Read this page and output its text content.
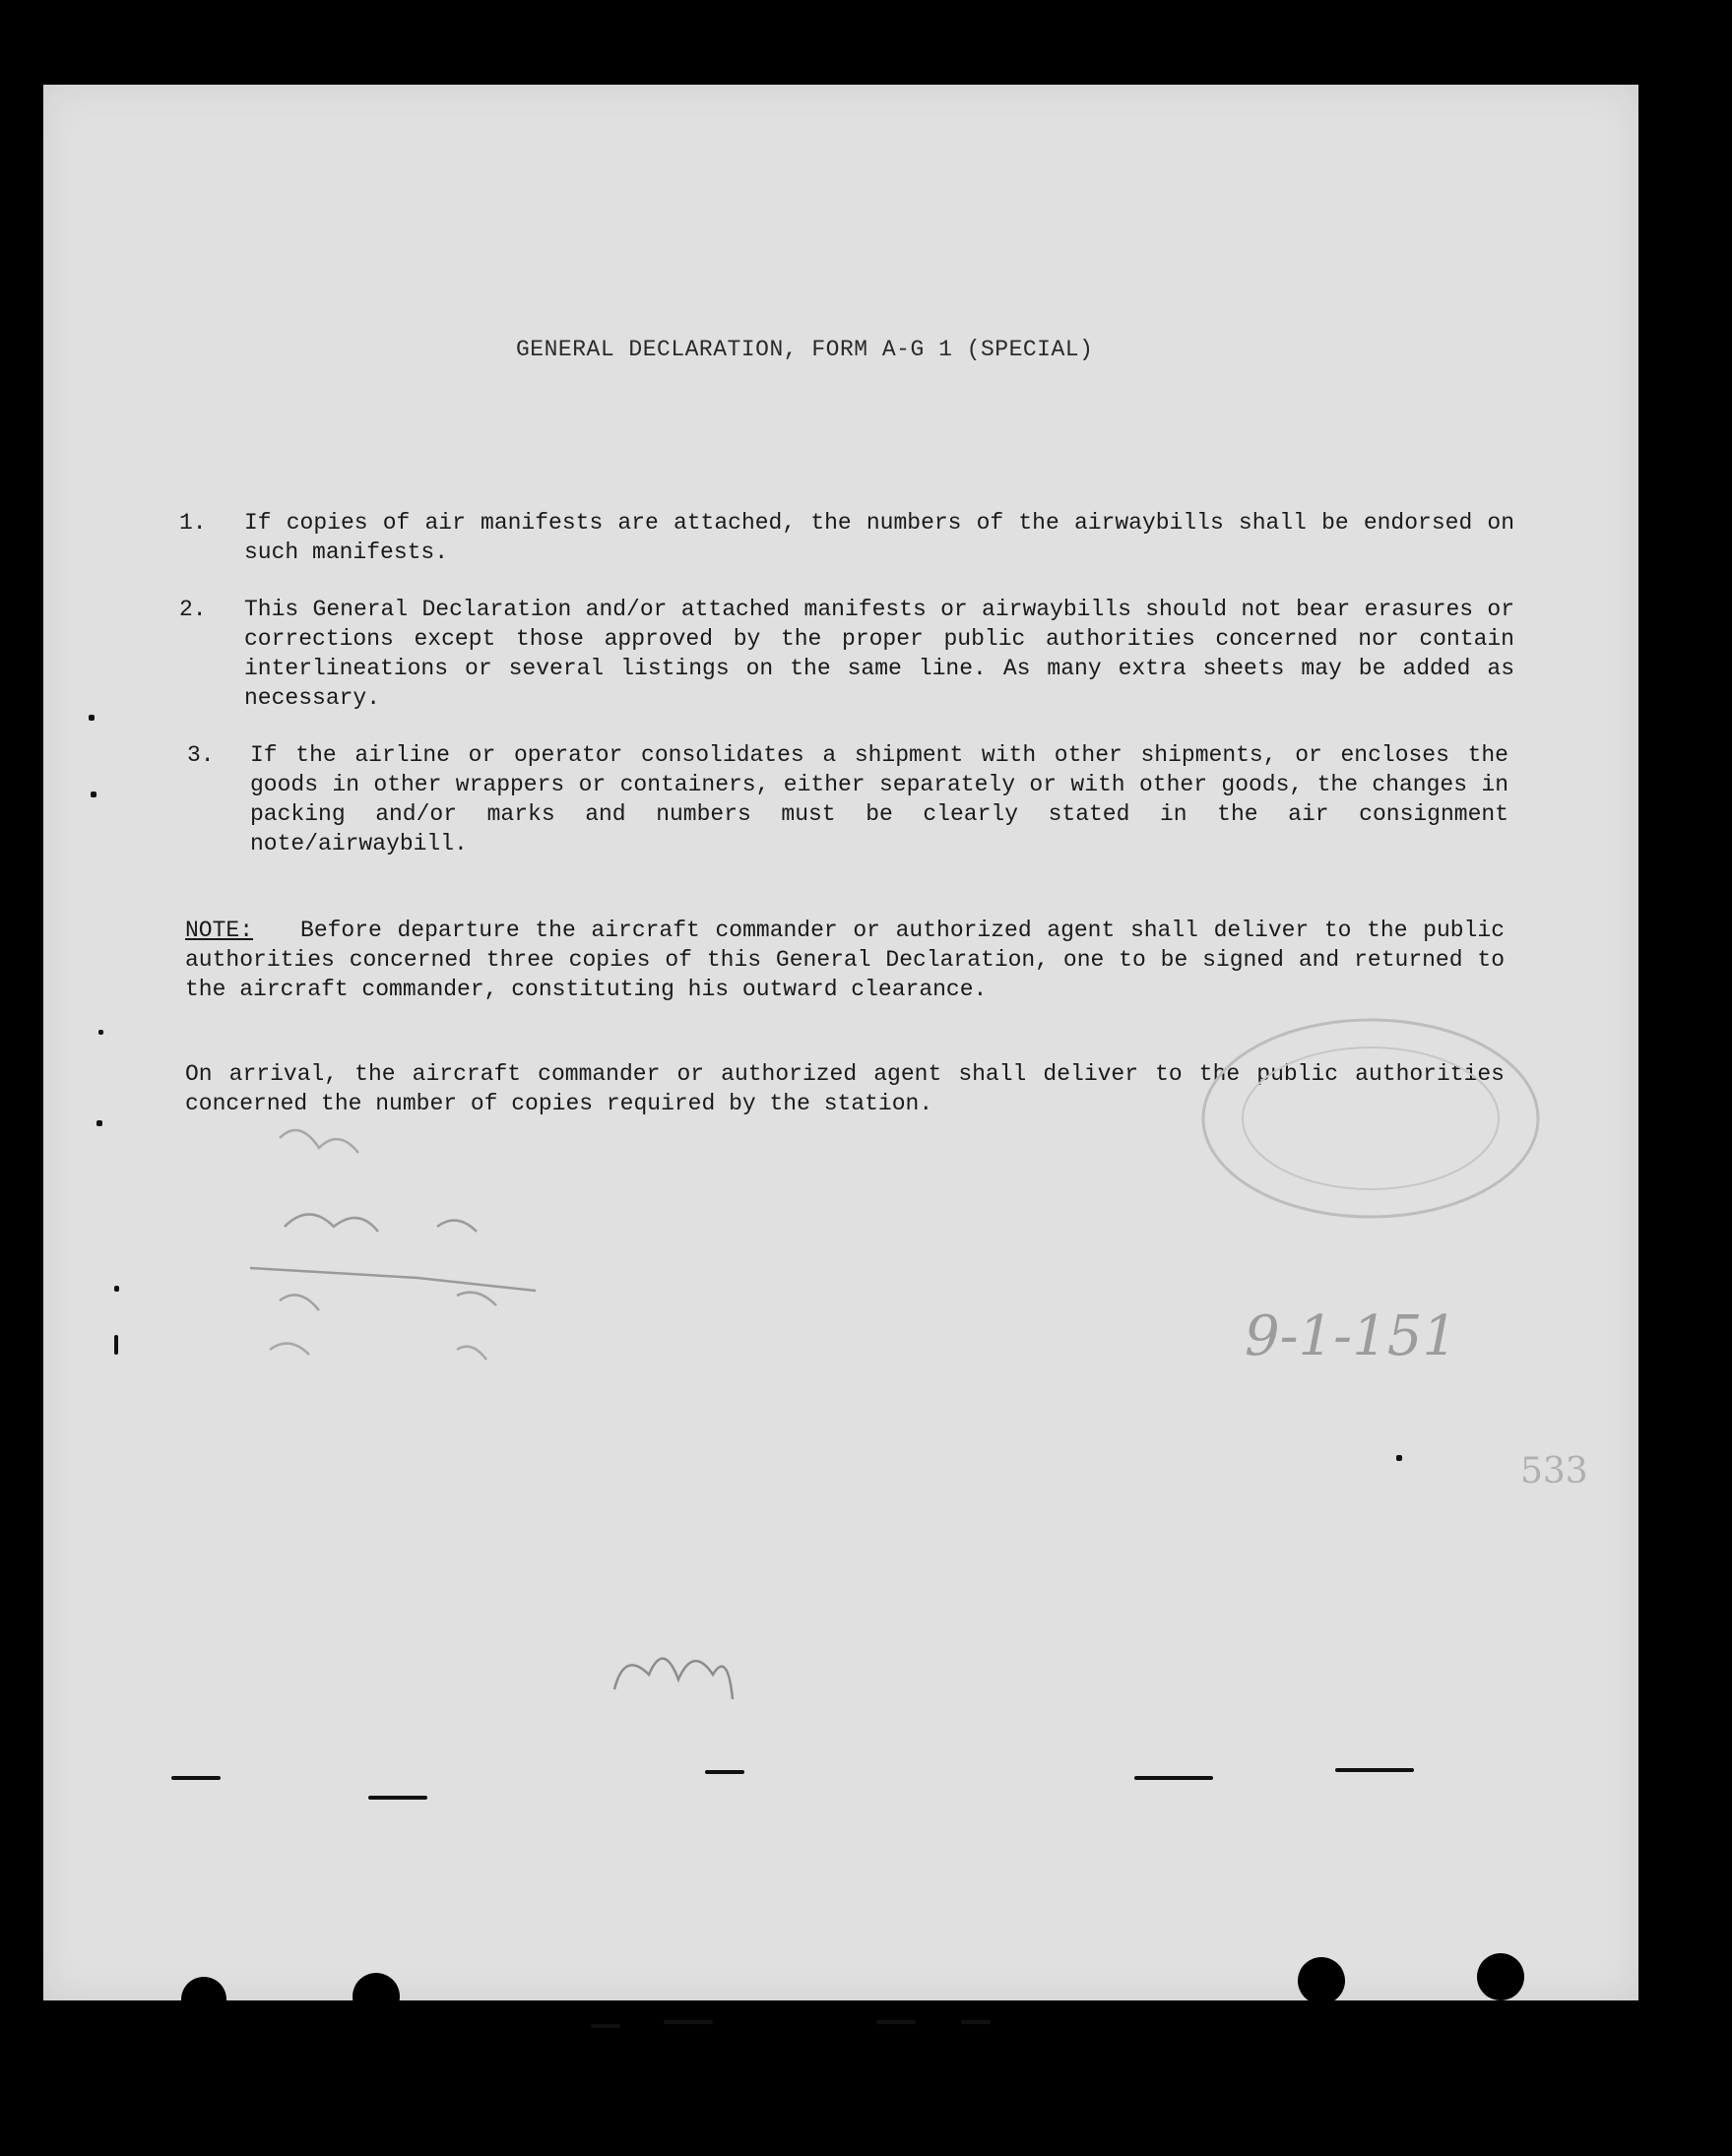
GENERAL DECLARATION, FORM A-G 1 (SPECIAL)
1.	If copies of air manifests are attached, the numbers of the airwaybills shall be endorsed on such manifests.
2.	This General Declaration and/or attached manifests or airwaybills should not bear erasures or corrections except those approved by the proper public authorities concerned nor contain interlineations or several listings on the same line. As many extra sheets may be added as necessary.
3.	If the airline or operator consolidates a shipment with other shipments, or encloses the goods in other wrappers or containers, either separately or with other goods, the changes in packing and/or marks and numbers must be clearly stated in the air consignment note/airwaybill.
NOTE: Before departure the aircraft commander or authorized agent shall deliver to the public authorities concerned three copies of this General Declaration, one to be signed and returned to the aircraft commander, constituting his outward clearance.
On arrival, the aircraft commander or authorized agent shall deliver to the public authorities concerned the number of copies required by the station.
9-1-151
533
